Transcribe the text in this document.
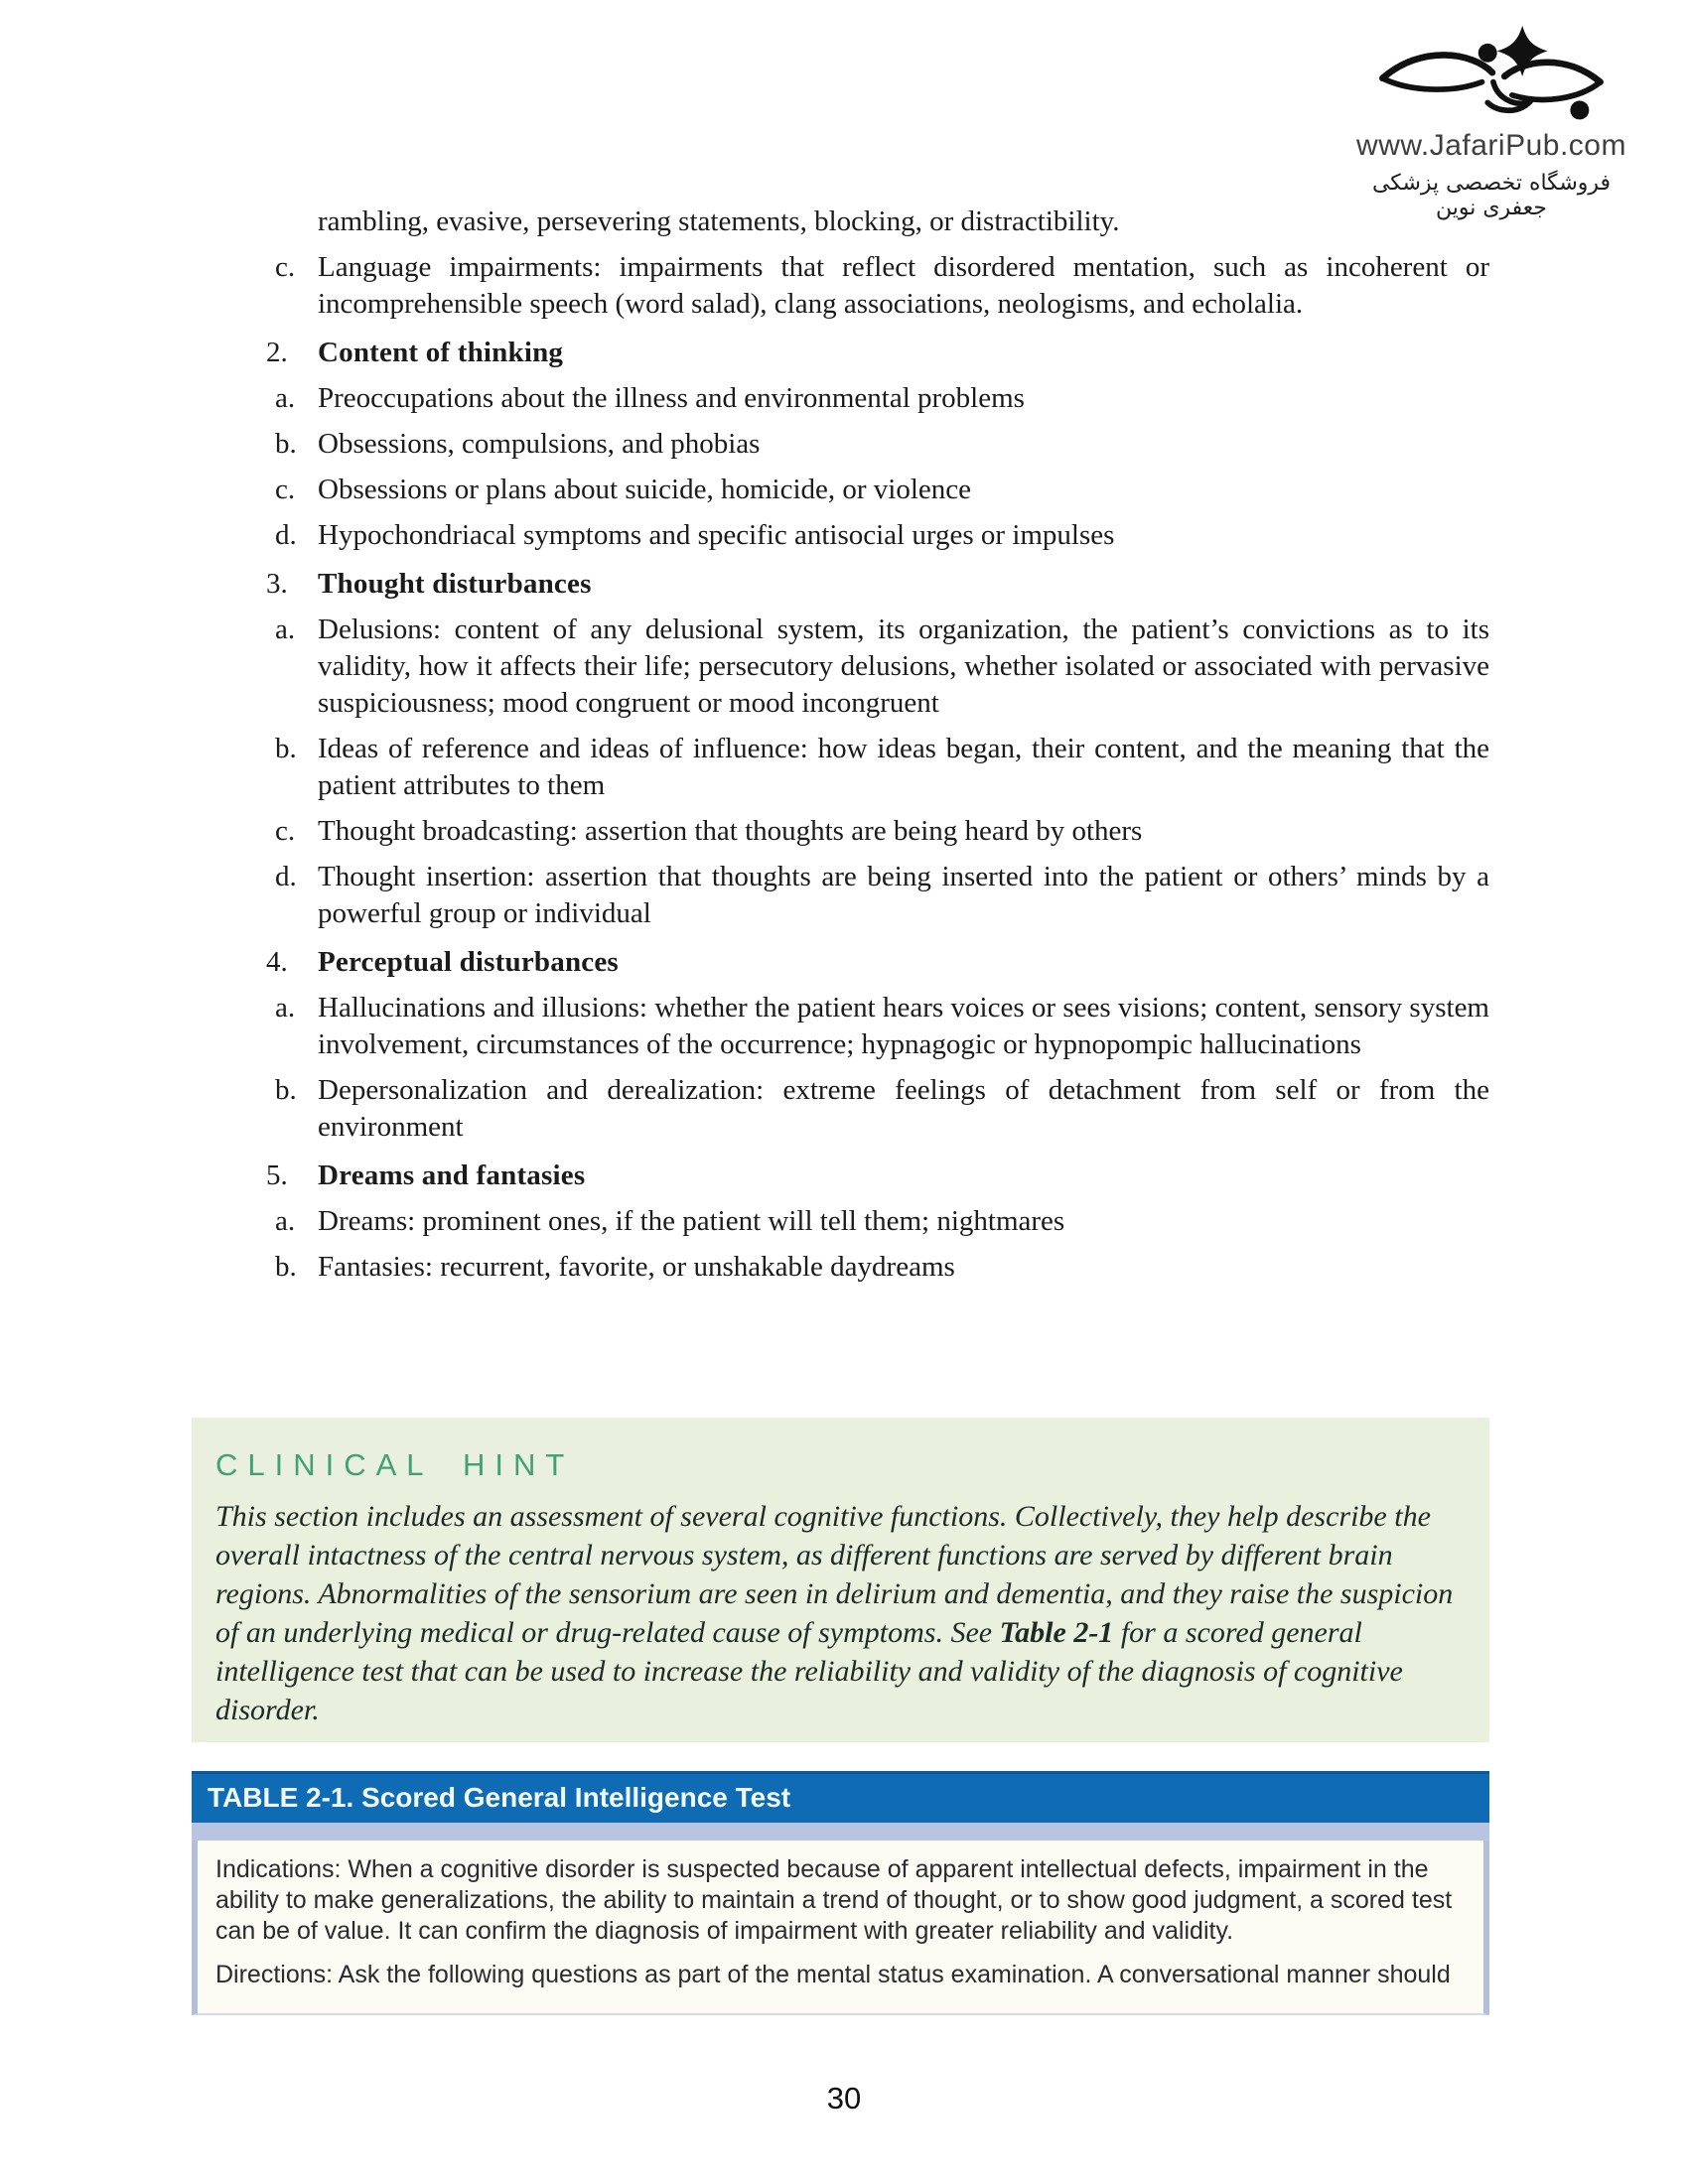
www.JafariPub.com
فروشگاه تخصصی پزشکی جعفری نوین
rambling, evasive, persevering statements, blocking, or distractibility.
c. Language impairments: impairments that reflect disordered mentation, such as incoherent or incomprehensible speech (word salad), clang associations, neologisms, and echolalia.
2. Content of thinking
a. Preoccupations about the illness and environmental problems
b. Obsessions, compulsions, and phobias
c. Obsessions or plans about suicide, homicide, or violence
d. Hypochondriacal symptoms and specific antisocial urges or impulses
3. Thought disturbances
a. Delusions: content of any delusional system, its organization, the patient’s convictions as to its validity, how it affects their life; persecutory delusions, whether isolated or associated with pervasive suspiciousness; mood congruent or mood incongruent
b. Ideas of reference and ideas of influence: how ideas began, their content, and the meaning that the patient attributes to them
c. Thought broadcasting: assertion that thoughts are being heard by others
d. Thought insertion: assertion that thoughts are being inserted into the patient or others’ minds by a powerful group or individual
4. Perceptual disturbances
a. Hallucinations and illusions: whether the patient hears voices or sees visions; content, sensory system involvement, circumstances of the occurrence; hypnagogic or hypnopompic hallucinations
b. Depersonalization and derealization: extreme feelings of detachment from self or from the environment
5. Dreams and fantasies
a. Dreams: prominent ones, if the patient will tell them; nightmares
b. Fantasies: recurrent, favorite, or unshakable daydreams
CLINICAL HINT

This section includes an assessment of several cognitive functions. Collectively, they help describe the overall intactness of the central nervous system, as different functions are served by different brain regions. Abnormalities of the sensorium are seen in delirium and dementia, and they raise the suspicion of an underlying medical or drug-related cause of symptoms. See Table 2-1 for a scored general intelligence test that can be used to increase the reliability and validity of the diagnosis of cognitive disorder.

TABLE 2-1. Scored General Intelligence Test

Indications: When a cognitive disorder is suspected because of apparent intellectual defects, impairment in the ability to make generalizations, the ability to maintain a trend of thought, or to show good judgment, a scored test can be of value. It can confirm the diagnosis of impairment with greater reliability and validity.

Directions: Ask the following questions as part of the mental status examination. A conversational manner should

30
